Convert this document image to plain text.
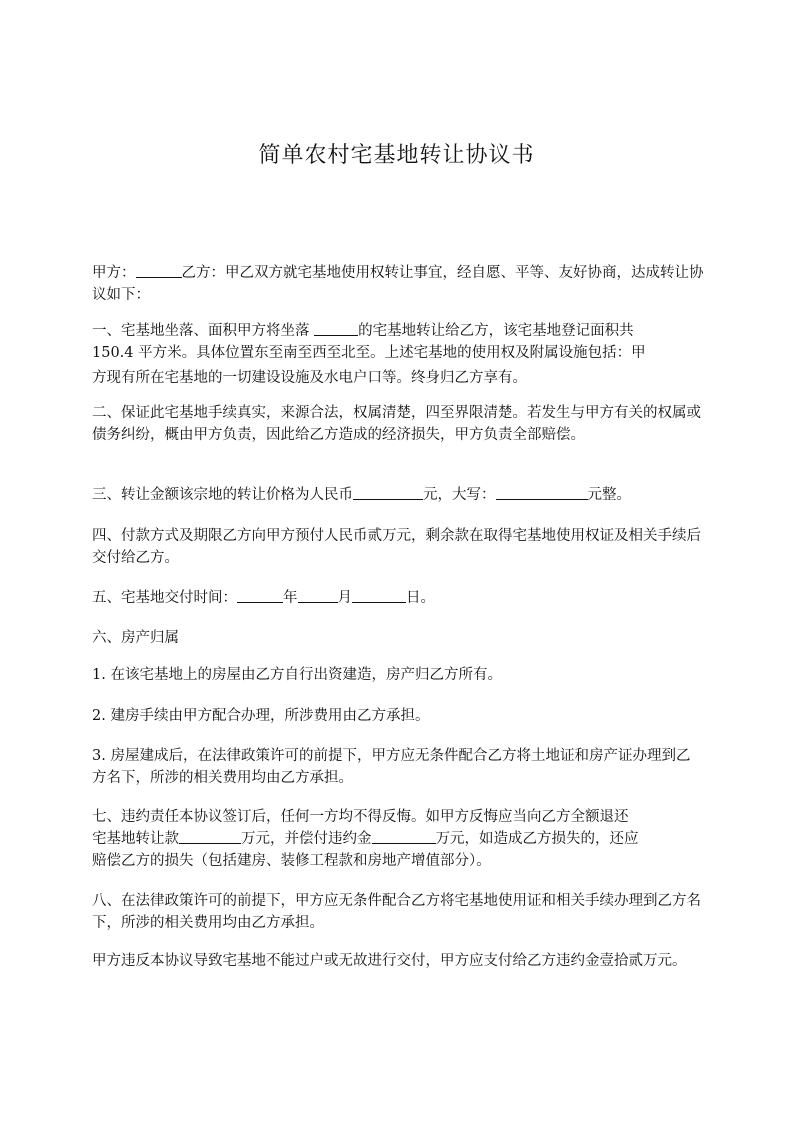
简单农村宅基地转让协议书

甲方：	乙方：甲乙双方就宅基地使用权转让事宜，经自愿、平等、友好协商，达成转让协议如下：

一、宅基地坐落、面积甲方将坐落	的宅基地转让给乙方，该宅基地登记面积共
150.4 平方米。具体位置东至南至西至北至。上述宅基地的使用权及附属设施包括：甲
方现有所在宅基地的一切建设设施及水电户口等。终身归乙方享有。

二、保证此宅基地手续真实，来源合法，权属清楚，四至界限清楚。若发生与甲方有关的权属或债务纠纷，概由甲方负责，因此给乙方造成的经济损失，甲方负责全部赔偿。

三、转让金额该宗地的转让价格为人民币	元，大写：	元整。

四、付款方式及期限乙方向甲方预付人民币贰万元，剩余款在取得宅基地使用权证及相关手续后交付给乙方。

五、宅基地交付时间：	年	月	日。

六、房产归属

1. 在该宅基地上的房屋由乙方自行出资建造，房产归乙方所有。

2. 建房手续由甲方配合办理，所涉费用由乙方承担。

3. 房屋建成后，在法律政策许可的前提下，甲方应无条件配合乙方将土地证和房产证办理到乙方名下，所涉的相关费用均由乙方承担。

七、违约责任本协议签订后，任何一方均不得反悔。如甲方反悔应当向乙方全额退还
宅基地转让款	万元，并偿付违约金	万元，如造成乙方损失的，还应
赔偿乙方的损失（包括建房、装修工程款和房地产增值部分）。

八、在法律政策许可的前提下，甲方应无条件配合乙方将宅基地使用证和相关手续办理到乙方名下，所涉的相关费用均由乙方承担。

甲方违反本协议导致宅基地不能过户或无故进行交付，甲方应支付给乙方违约金壹拾贰万元。
